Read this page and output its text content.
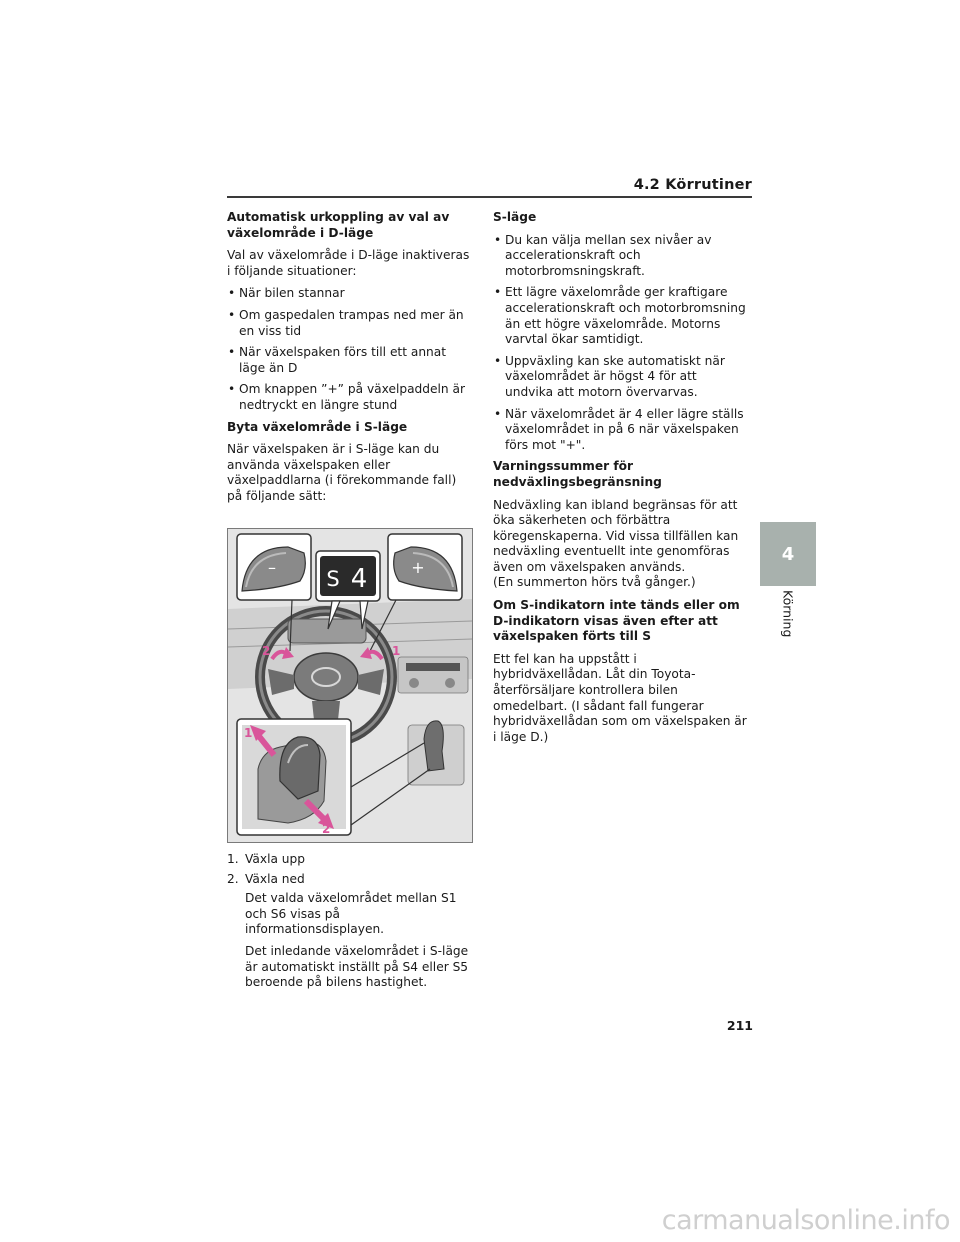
4.2 Körrutiner
4
Körning
Automatisk urkoppling av val av växelområde i D-läge

Val av växelområde i D-läge inaktiveras i följande situationer:

• När bilen stannar
• Om gaspedalen trampas ned mer än en viss tid
• När växelspaken förs till ett annat läge än D
• Om knappen ”+” på växelpaddeln är nedtryckt en längre stund
Byta växelområde i S-läge

När växelspaken är i S-läge kan du använda växelspaken eller växelpaddlarna (i förekommande fall) på följande sätt:

–	+
S 4
2	1
1
2
1. Växla upp
2. Växla ned

Det valda växelområdet mellan S1 och S6 visas på informationsdisplayen.

Det inledande växelområdet i S-läge är automatiskt inställt på S4 eller S5 beroende på bilens hastighet.

S-läge
• Du kan välja mellan sex nivåer av accelerationskraft och motorbromsningskraft.
• Ett lägre växelområde ger kraftigare accelerationskraft och motorbromsning än ett högre växelområde. Motorns varvtal ökar samtidigt.
• Uppväxling kan ske automatiskt när växelområdet är högst 4 för att undvika att motorn övervarvas.
• När växelområdet är 4 eller lägre ställs växelområdet in på 6 när växelspaken förs mot "+".
Varningssummer för nedväxlingsbegränsning

Nedväxling kan ibland begränsas för att öka säkerheten och förbättra köregenskaperna. Vid vissa tillfällen kan nedväxling eventuellt inte genomföras även om växelspaken används.

(En summerton hörs två gånger.)

Om S-indikatorn inte tänds eller om D-indikatorn visas även efter att växelspaken förts till S

Ett fel kan ha uppstått i hybridväxellådan. Låt din Toyota-återförsäljare kontrollera bilen omedelbart. (I sådant fall fungerar hybridväxellådan som om växelspaken är i läge D.)

211
carmanualsonline.info
